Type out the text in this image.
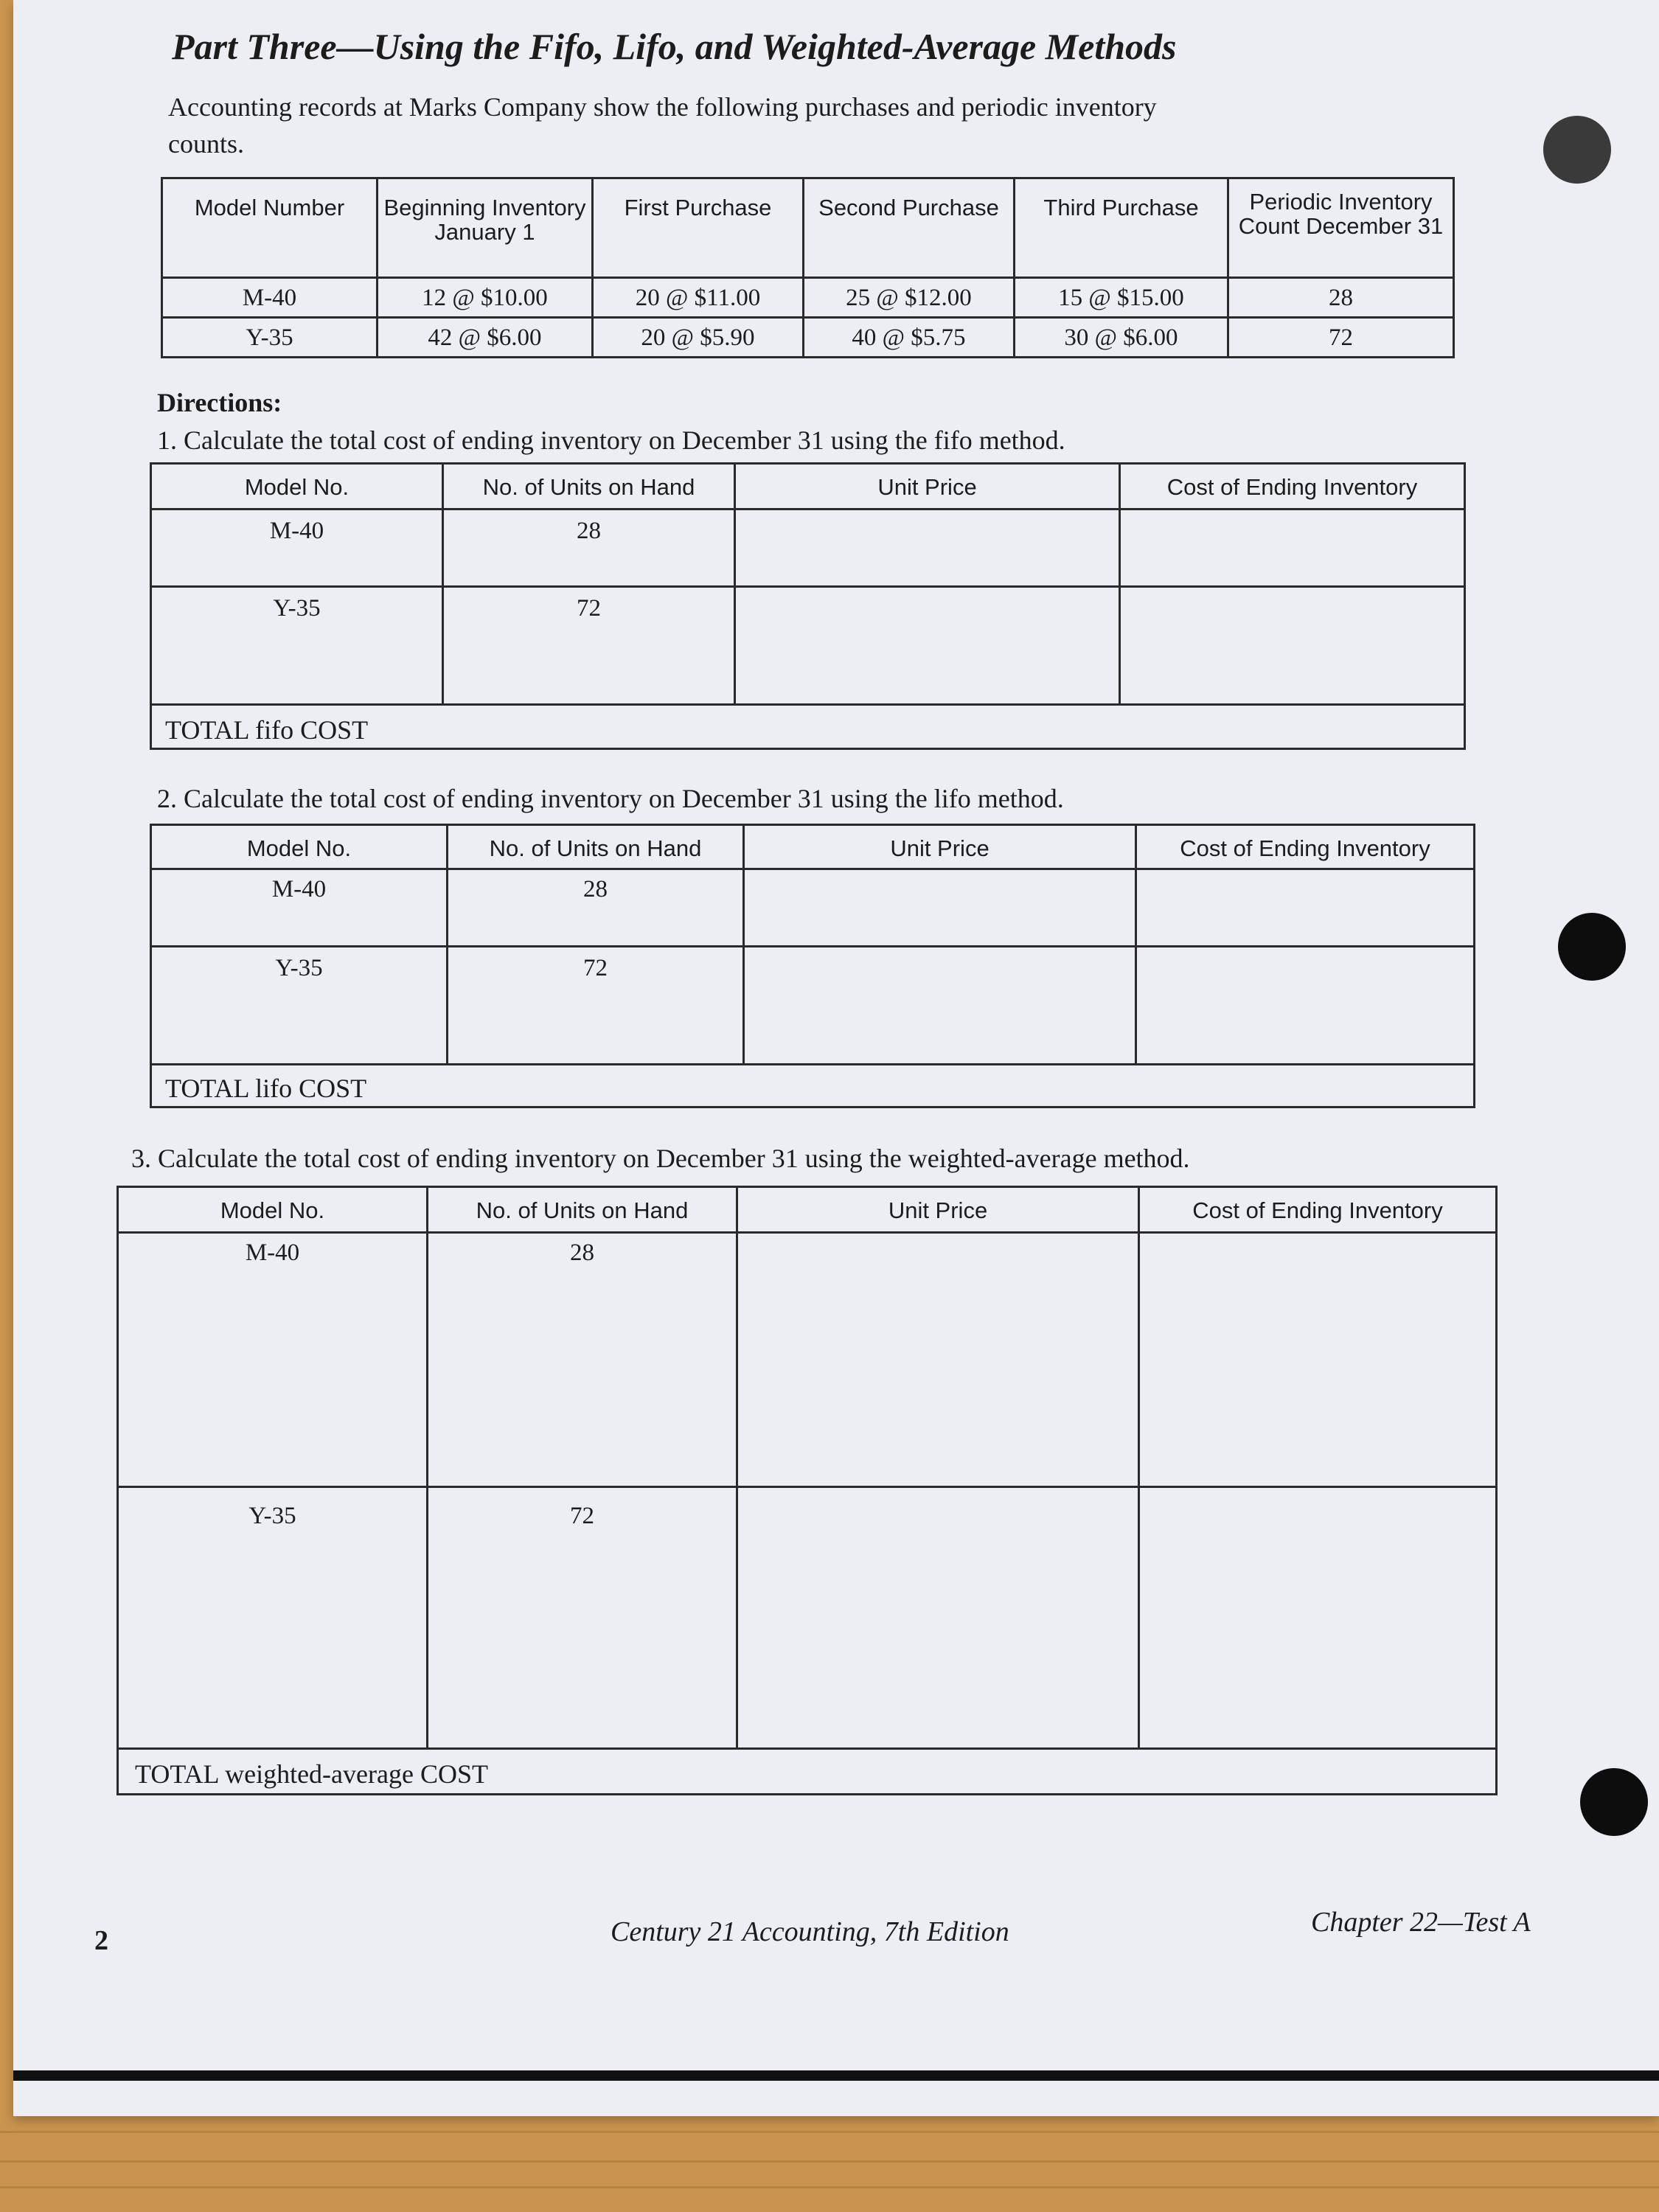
Part Three—Using the Fifo, Lifo, and Weighted-Average Methods
Accounting records at Marks Company show the following purchases and periodic inventory counts.
Model Number	Beginning Inventory January 1	First Purchase	Second Purchase	Third Purchase	Periodic Inventory Count December 31
M-40	12 @ $10.00	20 @ $11.00	25 @ $12.00	15 @ $15.00	28
Y-35	42 @ $6.00	20 @ $5.90	40 @ $5.75	30 @ $6.00	72
Directions:
1. Calculate the total cost of ending inventory on December 31 using the fifo method.
Model No.	No. of Units on Hand	Unit Price	Cost of Ending Inventory
M-40	28		
Y-35	72		
TOTAL fifo COST			
2. Calculate the total cost of ending inventory on December 31 using the lifo method.
Model No.	No. of Units on Hand	Unit Price	Cost of Ending Inventory
M-40	28		
Y-35	72		
TOTAL lifo COST			
3. Calculate the total cost of ending inventory on December 31 using the weighted-average method.
Model No.	No. of Units on Hand	Unit Price	Cost of Ending Inventory
M-40	28		
Y-35	72		
TOTAL weighted-average COST			
2	Century 21 Accounting, 7th Edition	Chapter 22—Test A
